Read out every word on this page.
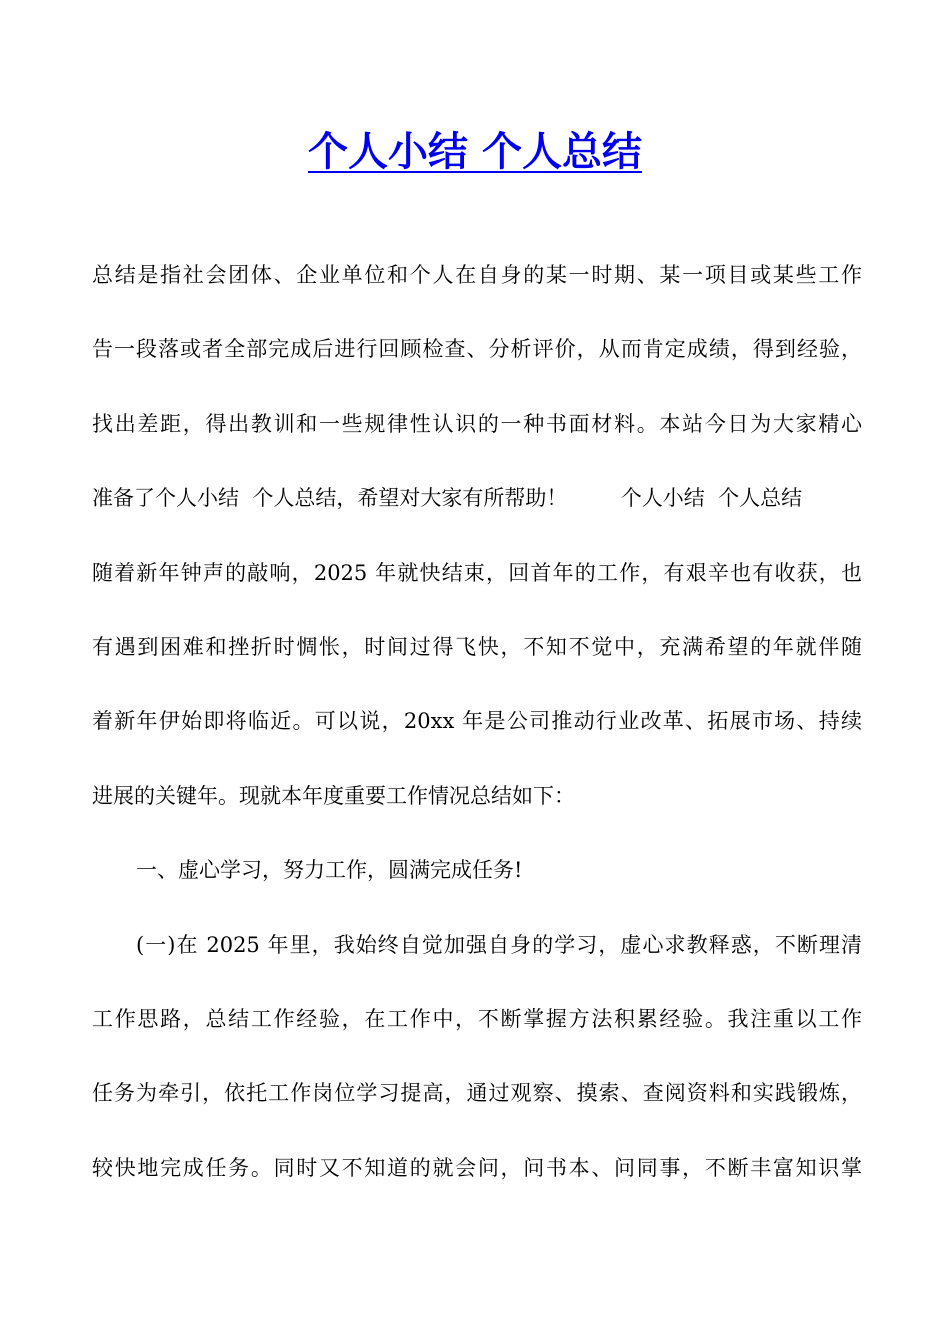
个人小结 个人总结
总结是指社会团体、企业单位和个人在自身的某一时期、某一项目或某些工作
告一段落或者全部完成后进行回顾检查、分析评价，从而肯定成绩，得到经验，
找出差距，得出教训和一些规律性认识的一种书面材料。本站今日为大家精心
准备了个人小结  个人总结，希望对大家有所帮助！        个人小结  个人总结
随着新年钟声的敲响，2025 年就快结束，回首年的工作，有艰辛也有收获，也
有遇到困难和挫折时惆怅，时间过得飞快，不知不觉中，充满希望的年就伴随
着新年伊始即将临近。可以说，20xx 年是公司推动行业改革、拓展市场、持续
进展的关键年。现就本年度重要工作情况总结如下：
一、虚心学习，努力工作，圆满完成任务!
(一)在 2025 年里，我始终自觉加强自身的学习，虚心求教释惑，不断理清
工作思路，总结工作经验，在工作中，不断掌握方法积累经验。我注重以工作
任务为牵引，依托工作岗位学习提高，通过观察、摸索、查阅资料和实践锻炼，
较快地完成任务。同时又不知道的就会问，问书本、问同事，不断丰富知识掌
